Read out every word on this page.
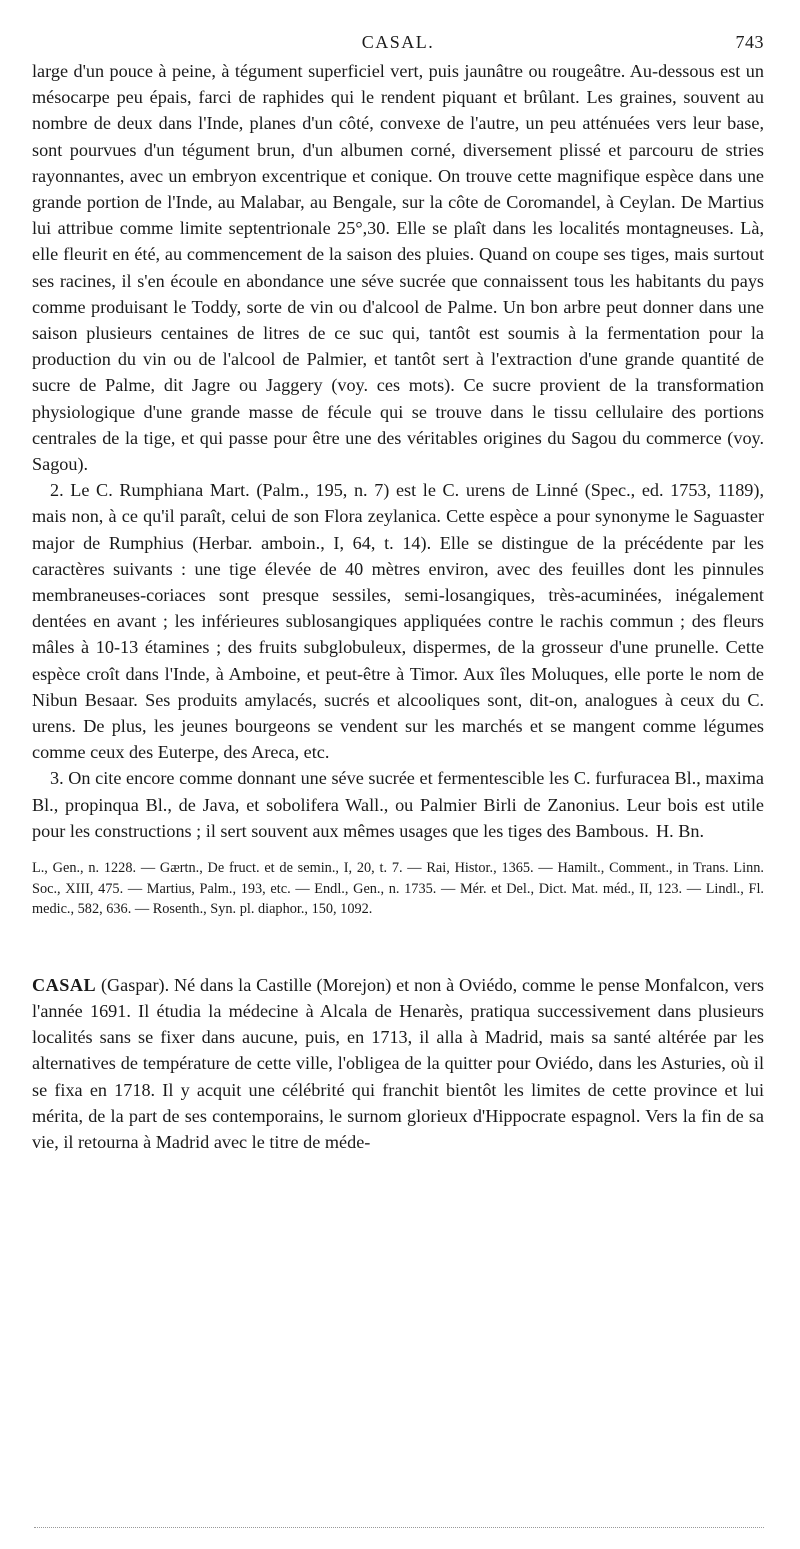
CASAL.	743

large d'un pouce à peine, à tégument superficiel vert, puis jaunâtre ou rougeâtre. Au-dessous est un mésocarpe peu épais, farci de raphides qui le rendent piquant et brûlant. Les graines, souvent au nombre de deux dans l'Inde, planes d'un côté, convexe de l'autre, un peu atténuées vers leur base, sont pourvues d'un tégument brun, d'un albumen corné, diversement plissé et parcouru de stries rayonnantes, avec un embryon excentrique et conique. On trouve cette magnifique espèce dans une grande portion de l'Inde, au Malabar, au Bengale, sur la côte de Coromandel, à Ceylan. De Martius lui attribue comme limite septentrionale 25°,30. Elle se plaît dans les localités montagneuses. Là, elle fleurit en été, au commencement de la saison des pluies. Quand on coupe ses tiges, mais surtout ses racines, il s'en écoule en abondance une séve sucrée que connaissent tous les habitants du pays comme produisant le Toddy, sorte de vin ou d'alcool de Palme. Un bon arbre peut donner dans une saison plusieurs centaines de litres de ce suc qui, tantôt est soumis à la fermentation pour la production du vin ou de l'alcool de Palmier, et tantôt sert à l'extraction d'une grande quantité de sucre de Palme, dit Jagre ou Jaggery (voy. ces mots). Ce sucre provient de la transformation physiologique d'une grande masse de fécule qui se trouve dans le tissu cellulaire des portions centrales de la tige, et qui passe pour être une des véritables origines du Sagou du commerce (voy. Sagou).

2. Le C. Rumphiana Mart. (Palm., 195, n. 7) est le C. urens de Linné (Spec., ed. 1753, 1189), mais non, à ce qu'il paraît, celui de son Flora zeylanica. Cette espèce a pour synonyme le Saguaster major de Rumphius (Herbar. amboin., I, 64, t. 14). Elle se distingue de la précédente par les caractères suivants : une tige élevée de 40 mètres environ, avec des feuilles dont les pinnules membraneuses-coriaces sont presque sessiles, semi-losangiques, très-acuminées, inégalement dentées en avant ; les inférieures sublosangiques appliquées contre le rachis commun ; des fleurs mâles à 10-13 étamines ; des fruits subglobuleux, dispermes, de la grosseur d'une prunelle. Cette espèce croît dans l'Inde, à Amboine, et peut-être à Timor. Aux îles Moluques, elle porte le nom de Nibun Besaar. Ses produits amylacés, sucrés et alcooliques sont, dit-on, analogues à ceux du C. urens. De plus, les jeunes bourgeons se vendent sur les marchés et se mangent comme légumes comme ceux des Euterpe, des Areca, etc.

3. On cite encore comme donnant une séve sucrée et fermentescible les C. furfuracea Bl., maxima Bl., propinqua Bl., de Java, et sobolifera Wall., ou Palmier Birli de Zanonius. Leur bois est utile pour les constructions ; il sert souvent aux mêmes usages que les tiges des Bambous. H. Bn.

L., Gen., n. 1228. — Gærtn., De fruct. et de semin., I, 20, t. 7. — Rai, Histor., 1365. — Hamilt., Comment., in Trans. Linn. Soc., XIII, 475. — Martius, Palm., 193, etc. — Endl., Gen., n. 1735. — Mér. et Del., Dict. Mat. méd., II, 123. — Lindl., Fl. medic., 582, 636. — Rosenth., Syn. pl. diaphor., 150, 1092.

CASAL (Gaspar). Né dans la Castille (Morejon) et non à Oviédo, comme le pense Monfalcon, vers l'année 1691. Il étudia la médecine à Alcala de Henarès, pratiqua successivement dans plusieurs localités sans se fixer dans aucune, puis, en 1713, il alla à Madrid, mais sa santé altérée par les alternatives de température de cette ville, l'obligea de la quitter pour Oviédo, dans les Asturies, où il se fixa en 1718. Il y acquit une célébrité qui franchit bientôt les limites de cette province et lui mérita, de la part de ses contemporains, le surnom glorieux d'Hippocrate espagnol. Vers la fin de sa vie, il retourna à Madrid avec le titre de méde-
